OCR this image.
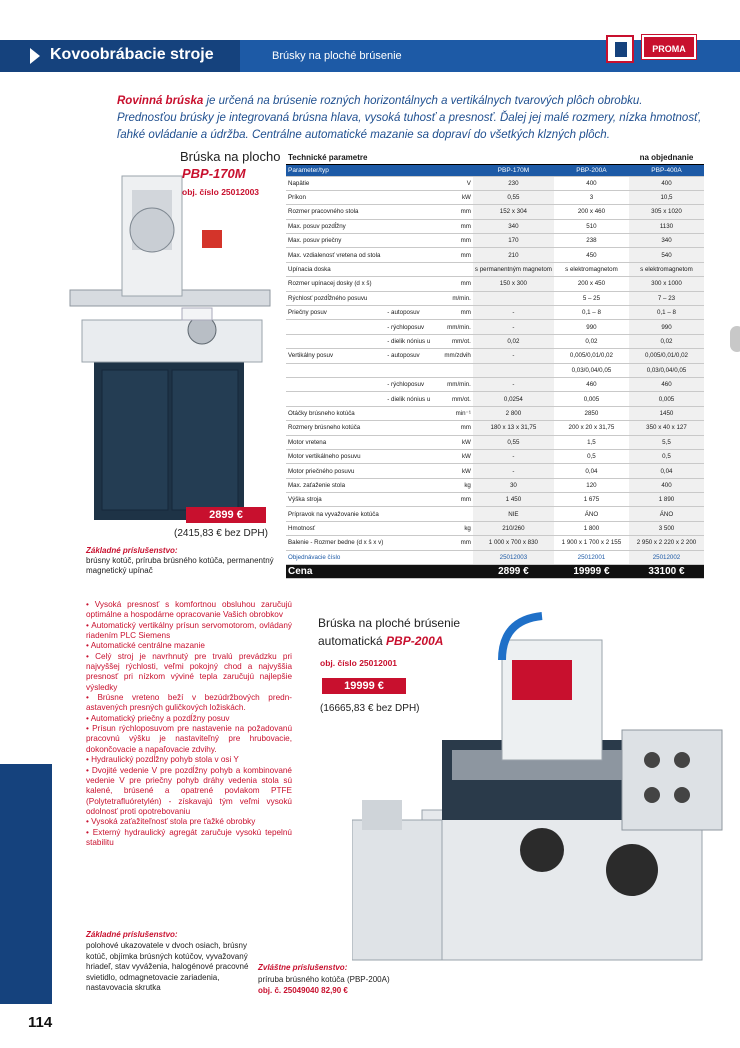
Kovoobrábacie stroje	Brúsky na ploché brúsenie
PROMA
Rovinná brúska je určená na brúsenie rozných horizontálnych a vertikálnych tvarových plôch obrobku. Prednosťou brúsky je integrovaná brúsna hlava, vysoká tuhosť a presnosť. Ďalej jej malé rozmery, nízka hmotnosť, ľahké ovládanie a údržba. Centrálne automatické mazanie sa dopraví do všetkých klzných plôch.
Brúska na plocho
PBP-170M
obj. číslo 25012003
2899 €
(2415,83 € bez DPH)
Základné príslušenstvo:
brúsny kotúč, príruba brúsného kotúča, permanentný magnetický upínač
Technické parametre					na objednanie
Parameter/typ			PBP-170M	PBP-200A	PBP-400A
Napätie		V	230	400	400
Príkon		kW	0,55	3	10,5
Rozmer pracovného stola		mm	152 x 304	200 x 460	305 x 1020
Max. posuv pozdĺžny		mm	340	510	1130
Max. posuv priečny		mm	170	238	340
Max. vzdialenosť vretena od stola		mm	210	450	540
Upínacia doska			s permanentným magnetom	s elektromagnetom	s elektromagnetom
Rozmer upínacej dosky (d x š)		mm	150 x 300	200 x 450	300 x 1000
Rýchlosť pozdĺžného posuvu		m/min.		5 – 25	7 – 23
Priečny posuv	- autoposuv	mm	-	0,1 – 8	0,1 – 8
	- rýchloposuv	mm/min.	-	990	990
	- dielik nónius u	mm/ot.	0,02	0,02	0,02
Vertikálny posuv	- autoposuv	mm/zdvih	-	0,005/0,01/0,02	0,005/0,01/0,02
				0,03/0,04/0,05	0,03/0,04/0,05
	- rýchloposuv	mm/min.	-	460	460
	- dielik nónius u	mm/ot.	0,0254	0,005	0,005
Otáčky brúsneho kotúča		min⁻¹	2 800	2850	1450
Rozmery brúsneho kotúča		mm	180 x 13 x 31,75	200 x 20 x 31,75	350 x 40 x 127
Motor vretena		kW	0,55	1,5	5,5
Motor vertikálneho posuvu		kW	-	0,5	0,5
Motor priečného posuvu		kW	-	0,04	0,04
Max. zaťaženie stola		kg	30	120	400
Výška stroja		mm	1 450	1 675	1 890
Prípravok na vyvažovanie kotúča			NIE	ÁNO	ÁNO
Hmotnosť		kg	210/260	1 800	3 500
Balenie - Rozmer bedne (d x š x v)		mm	1 000 x 700 x 830	1 900 x 1 700 x 2 155	2 950 x 2 220 x 2 200
Objednávacie číslo			25012003	25012001	25012002
Cena			2899 €	19999 €	33100 €
• Vysoká presnosť s komfortnou obsluhou zaručujú optimálne a hospodárne opracovanie Vašich obrobkov
• Automatický vertikálny prísun servomotorom, ovládaný riadením PLC Siemens
• Automatické centrálne mazanie
• Celý stroj je navrhnutý pre trvalú prevádzku pri najvyššej rýchlosti, veľmi pokojný chod a najvyššia presnosť pri nízkom výviné tepla zaručujú najlepšie výsledky
• Brúsne vreteno beží v bezúdržbových prednastavených presných guličkových ložiskách.
• Automatický priečny a pozdĺžny posuv
• Prísun rýchloposuvom pre nastavenie na požadovanú pracovnú výšku je nastaviteľný pre hrubovacie, dokončovacie a napaľovacie zdvihy.
• Hydraulický pozdĺžny pohyb stola v osi Y
• Dvojité vedenie V pre pozdĺžny pohyb a kombinované vedenie V pre priečny pohyb dráhy vedenia stola sú kalené, brúsené a opatrené povlakom PTFE (Polytetrafluóretylén) - získavajú tým veľmi vysokú odolnosť proti opotrebovaniu
• Vysoká zaťažiteľnosť stola pre ťažké obrobky
• Externý hydraulický agregát zaručuje vysokú tepelnú stabilitu
Brúska na ploché brúsenie
automatická PBP-200A
obj. číslo 25012001
19999 €
(16665,83 € bez DPH)
Základné príslušenstvo:
polohové ukazovatele v dvoch osiach, brúsny kotúč, objímka brúsných kotúčov, vyvažovaný hriadeľ, stav vyváženia, halogénové pracovné svietidlo, odmagnetovacie zariadenia, nastavovacia skrutka
Zvláštne príslušenstvo:
príruba brúsného kotúča (PBP-200A)
obj. č. 25049040 82,90 €
114
